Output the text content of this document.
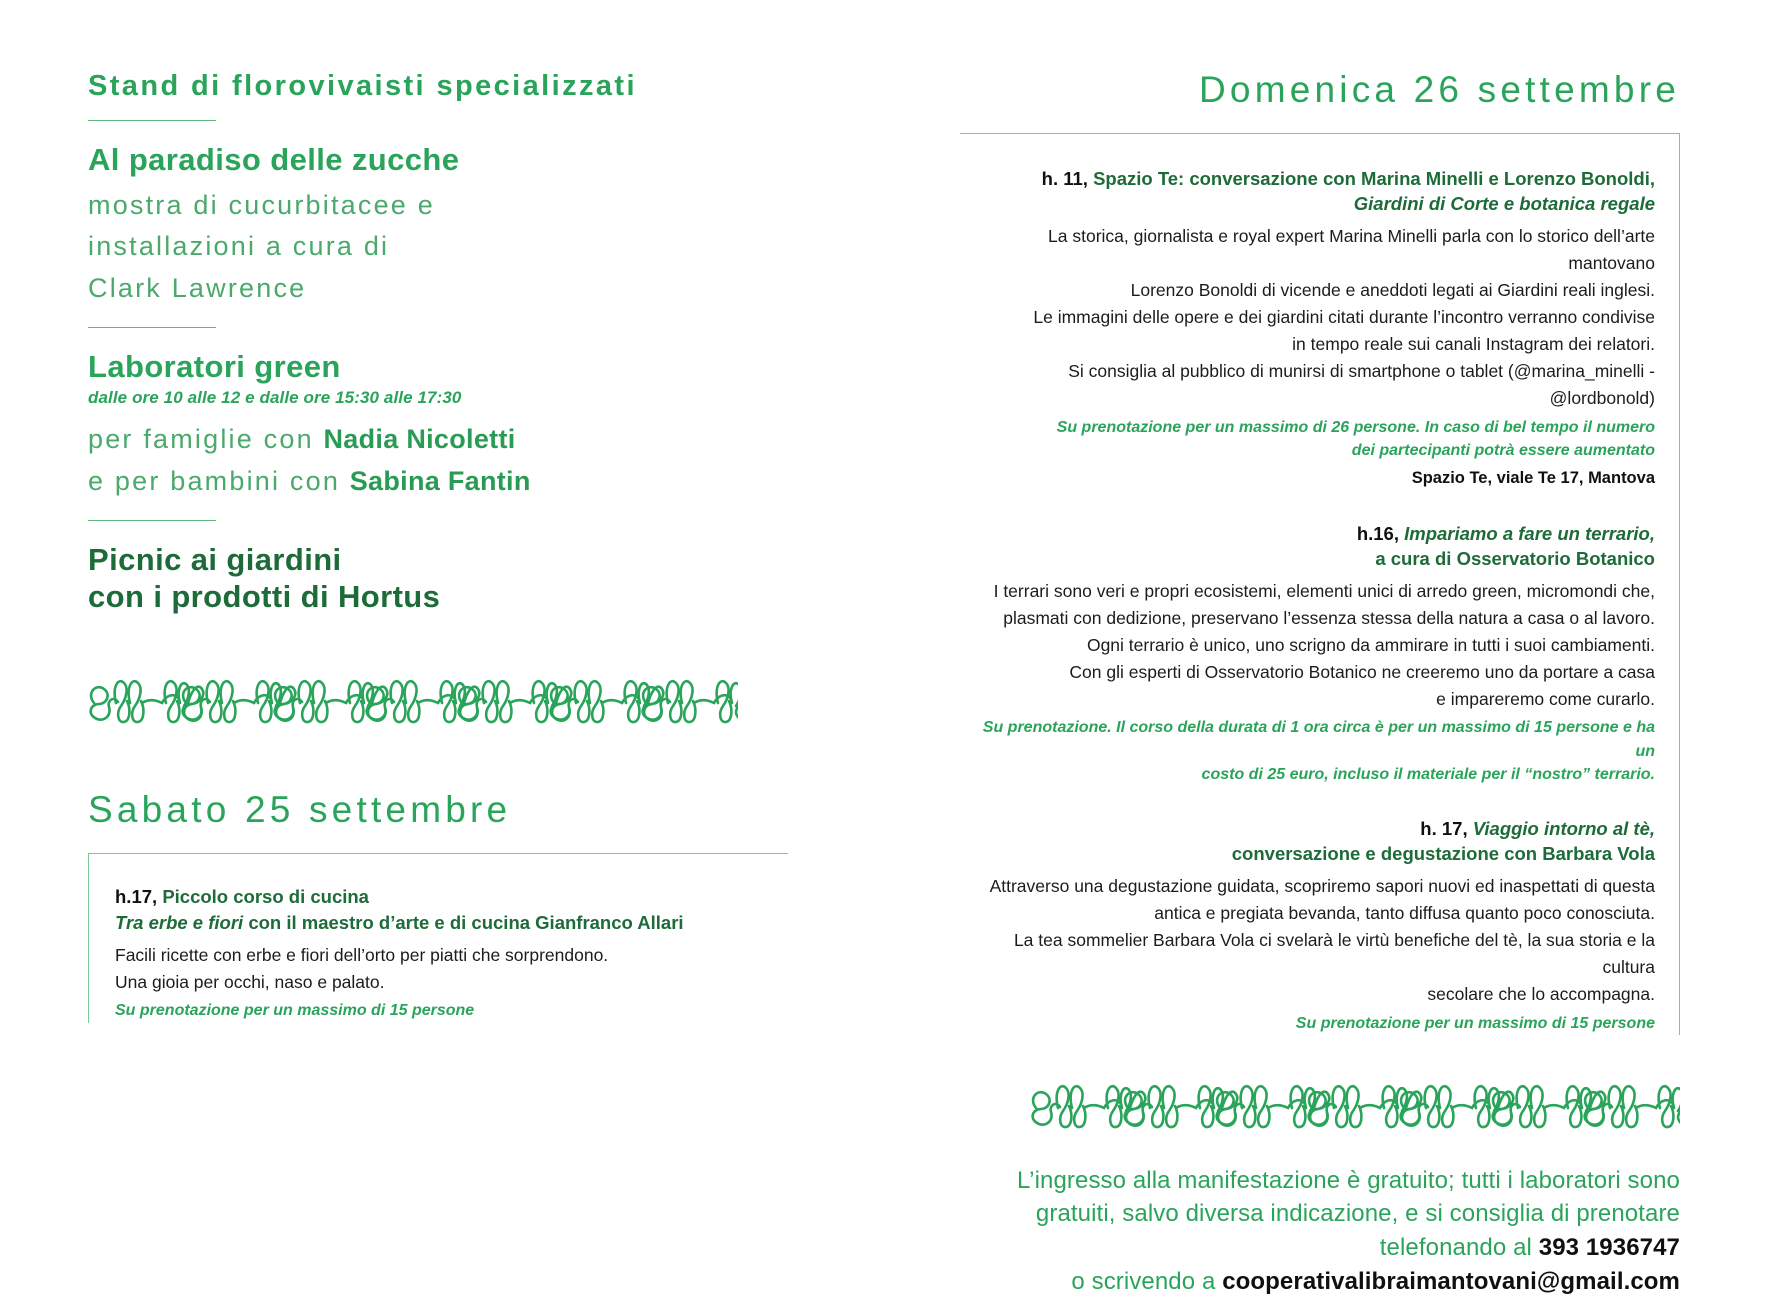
Stand di florovivaisti specializzati
Al paradiso delle zucche
mostra di cucurbitacee e
installazioni a cura di
Clark Lawrence
Laboratori green
dalle ore 10 alle 12 e dalle ore 15:30 alle 17:30
per famiglie con Nadia Nicoletti
e per bambini con Sabina Fantin
Picnic ai giardini
con i prodotti di Hortus
Sabato 25 settembre
h.17, Piccolo corso di cucina
Tra erbe e fiori con il maestro d’arte e di cucina Gianfranco Allari
Facili ricette con erbe e fiori dell’orto per piatti che sorprendono.
Una gioia per occhi, naso e palato.
Su prenotazione per un massimo di 15 persone
Domenica 26 settembre
h. 11, Spazio Te: conversazione con Marina Minelli e Lorenzo Bonoldi,
Giardini di Corte e botanica regale
La storica, giornalista e royal expert Marina Minelli parla con lo storico dell’arte mantovano
Lorenzo Bonoldi di vicende e aneddoti legati ai Giardini reali inglesi.
Le immagini delle opere e dei giardini citati durante l’incontro verranno condivise
in tempo reale sui canali Instagram dei relatori.
Si consiglia al pubblico di munirsi di smartphone o tablet (@marina_minelli - @lordbonold)
Su prenotazione per un massimo di 26 persone. In caso di bel tempo il numero
dei partecipanti potrà essere aumentato
Spazio Te, viale Te 17, Mantova
h.16, Impariamo a fare un terrario,
a cura di Osservatorio Botanico
I terrari sono veri e propri ecosistemi, elementi unici di arredo green, micromondi che,
plasmati con dedizione, preservano l’essenza stessa della natura a casa o al lavoro.
Ogni terrario è unico, uno scrigno da ammirare in tutti i suoi cambiamenti.
Con gli esperti di Osservatorio Botanico ne creeremo uno da portare a casa
e impareremo come curarlo.
Su prenotazione. Il corso della durata di 1 ora circa è per un massimo di 15 persone e ha un
costo di 25 euro, incluso il materiale per il “nostro” terrario.
h. 17, Viaggio intorno al tè,
conversazione e degustazione con Barbara Vola
Attraverso una degustazione guidata, scopriremo sapori nuovi ed inaspettati di questa
antica e pregiata bevanda, tanto diffusa quanto poco conosciuta.
La tea sommelier Barbara Vola ci svelarà le virtù benefiche del tè, la sua storia e la cultura
secolare che lo accompagna.
Su prenotazione per un massimo di 15 persone
L’ingresso alla manifestazione è gratuito; tutti i laboratori sono
gratuiti, salvo diversa indicazione, e si consiglia di prenotare
telefonando al 393 1936747
o scrivendo a cooperativalibraimantovani@gmail.com
